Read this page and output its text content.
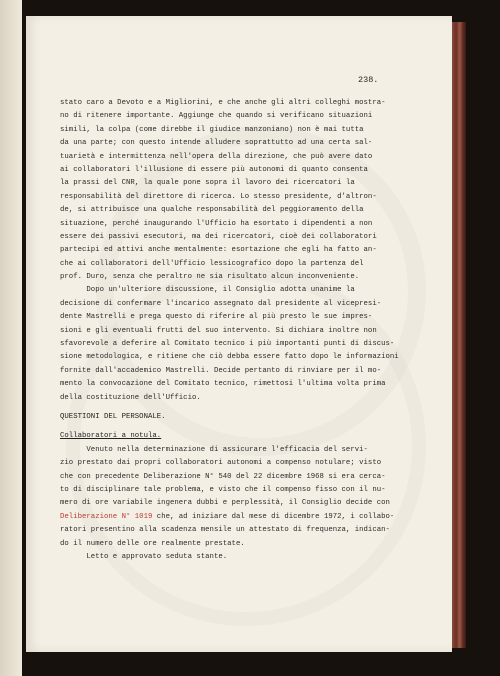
238.
stato caro a Devoto e a Migliorini, e che anche gli altri colleghi mostra-
no di ritenere importante. Aggiunge che quando si verificano situazioni
simili, la colpa (come direbbe il giudice manzoniano) non è mai tutta
da una parte; con questo intende alludere soprattutto ad una certa sal-
tuarietà e intermittenza nell'opera della direzione, che può avere dato
ai collaboratori l'illusione di essere più autonomi di quanto consenta
la prassi del CNR, la quale pone sopra il lavoro dei ricercatori la
responsabilità del direttore di ricerca. Lo stesso presidente, d'altron-
de, si attribuisce una qualche responsabilità del peggioramento della
situazione, perché inaugurando l'Ufficio ha esortato i dipendenti a non
essere dei passivi esecutori, ma dei ricercatori, cioè dei collaboratori
partecipi ed attivi anche mentalmente: esortazione che egli ha fatto an-
che ai collaboratori dell'Ufficio lessicografico dopo la partenza del
prof. Duro, senza che peraltro ne sia risultato alcun inconveniente.
Dopo un'ulteriore discussione, il Consiglio adotta unanime la
decisione di confermare l'incarico assegnato dal presidente al vicepresi-
dente Mastrelli e prega questo di riferire al più presto le sue impres-
sioni e gli eventuali frutti del suo intervento. Si dichiara inoltre non
sfavorevole a deferire al Comitato tecnico i più importanti punti di discus-
sione metodologica, e ritiene che ciò debba essere fatto dopo le informazioni
fornite dall'accademico Mastrelli. Decide pertanto di rinviare per il mo-
mento la convocazione del Comitato tecnico, rimettosi l'ultima volta prima
della costituzione dell'Ufficio.
QUESTIONI DEL PERSONALE.
Collaboratori a notula.
Venuto nella determinazione di assicurare l'efficacia del servi-
zio prestato dai propri collaboratori autonomi a compenso notulare; visto
che con precedente Deliberazione N° 540 del 22 dicembre 1968 si era cerca-
to di disciplinare tale problema, e visto che il compenso fisso con il nu-
mero di ore variabile ingenera dubbi e perplessità, il Consiglio decide con
Deliberazione N° 1019 che, ad iniziare dal mese di dicembre 1972, i collabo-
ratori presentino alla scadenza mensile un attestato di frequenza, indican-
do il numero delle ore realmente prestate.
Letto e approvato seduta stante.
